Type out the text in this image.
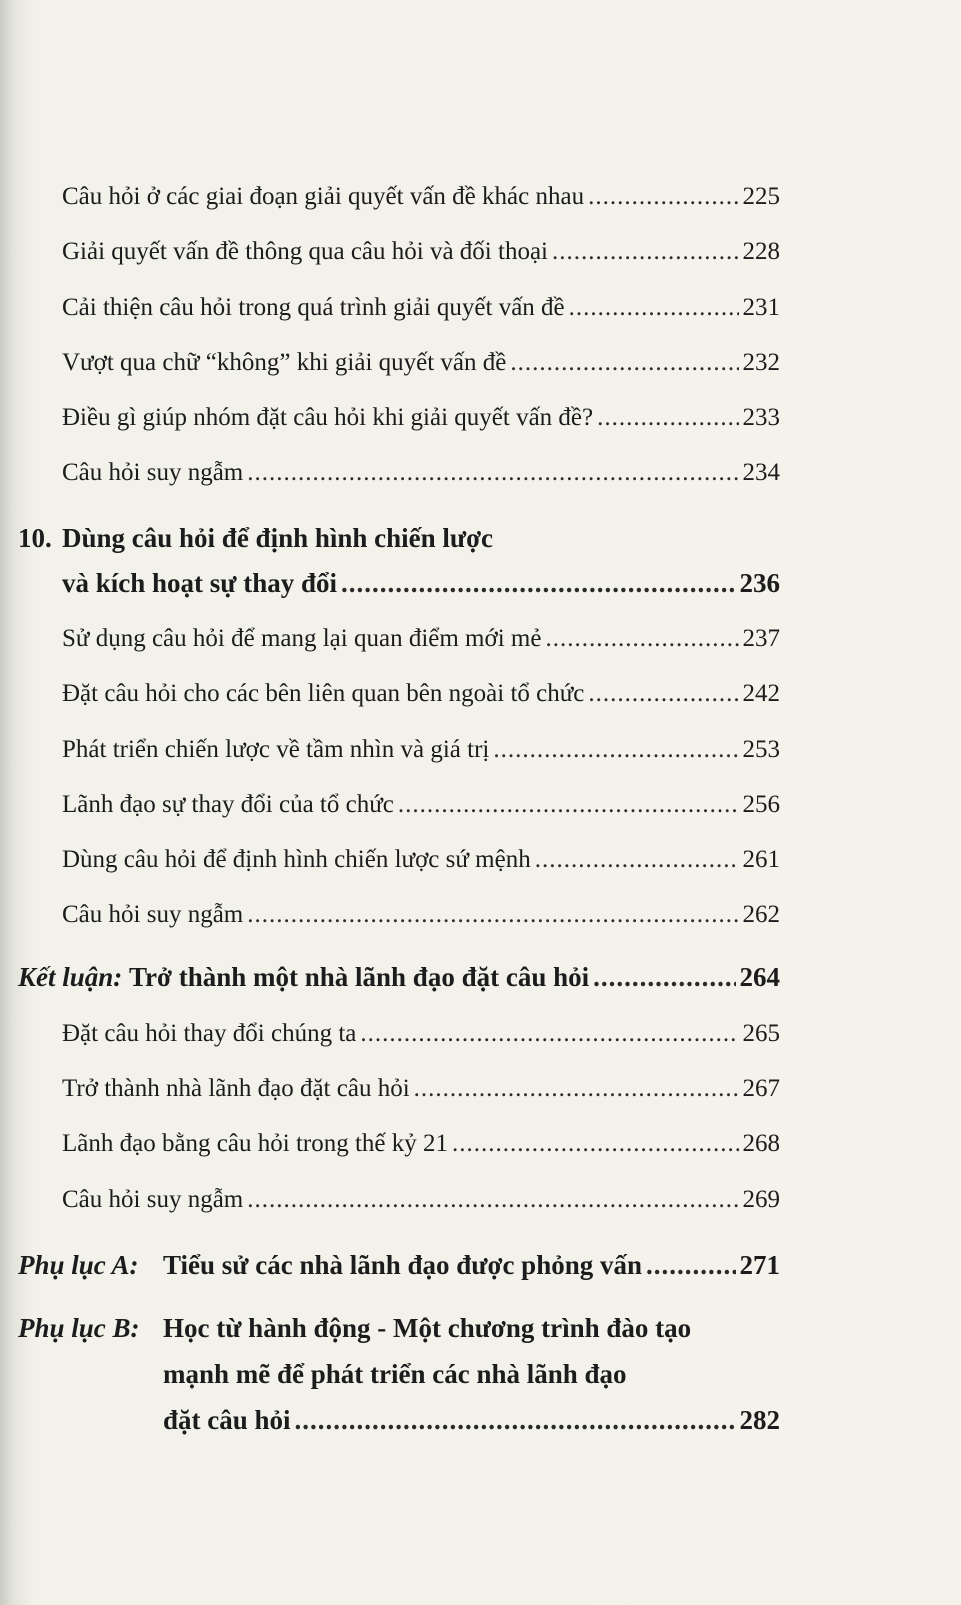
Câu hỏi ở các giai đoạn giải quyết vấn đề khác nhau .....	225
Giải quyết vấn đề thông qua câu hỏi và đối thoại .....	228
Cải thiện câu hỏi trong quá trình giải quyết vấn đề .....	231
Vượt qua chữ “không” khi giải quyết vấn đề .....	232
Điều gì giúp nhóm đặt câu hỏi khi giải quyết vấn đề? .....	233
Câu hỏi suy ngẫm .....	234
10. Dùng câu hỏi để định hình chiến lược
và kích hoạt sự thay đổi .....	236
Sử dụng câu hỏi để mang lại quan điểm mới mẻ .....	237
Đặt câu hỏi cho các bên liên quan bên ngoài tổ chức .....	242
Phát triển chiến lược về tầm nhìn và giá trị .....	253
Lãnh đạo sự thay đổi của tổ chức .....	256
Dùng câu hỏi để định hình chiến lược sứ mệnh .....	261
Câu hỏi suy ngẫm .....	262
Kết luận: Trở thành một nhà lãnh đạo đặt câu hỏi .....	264
Đặt câu hỏi thay đổi chúng ta .....	265
Trở thành nhà lãnh đạo đặt câu hỏi .....	267
Lãnh đạo bằng câu hỏi trong thế kỷ 21 .....	268
Câu hỏi suy ngẫm .....	269
Phụ lục A: Tiểu sử các nhà lãnh đạo được phỏng vấn .....	271
Phụ lục B: Học từ hành động - Một chương trình đào tạo
mạnh mẽ để phát triển các nhà lãnh đạo
đặt câu hỏi .....	282
